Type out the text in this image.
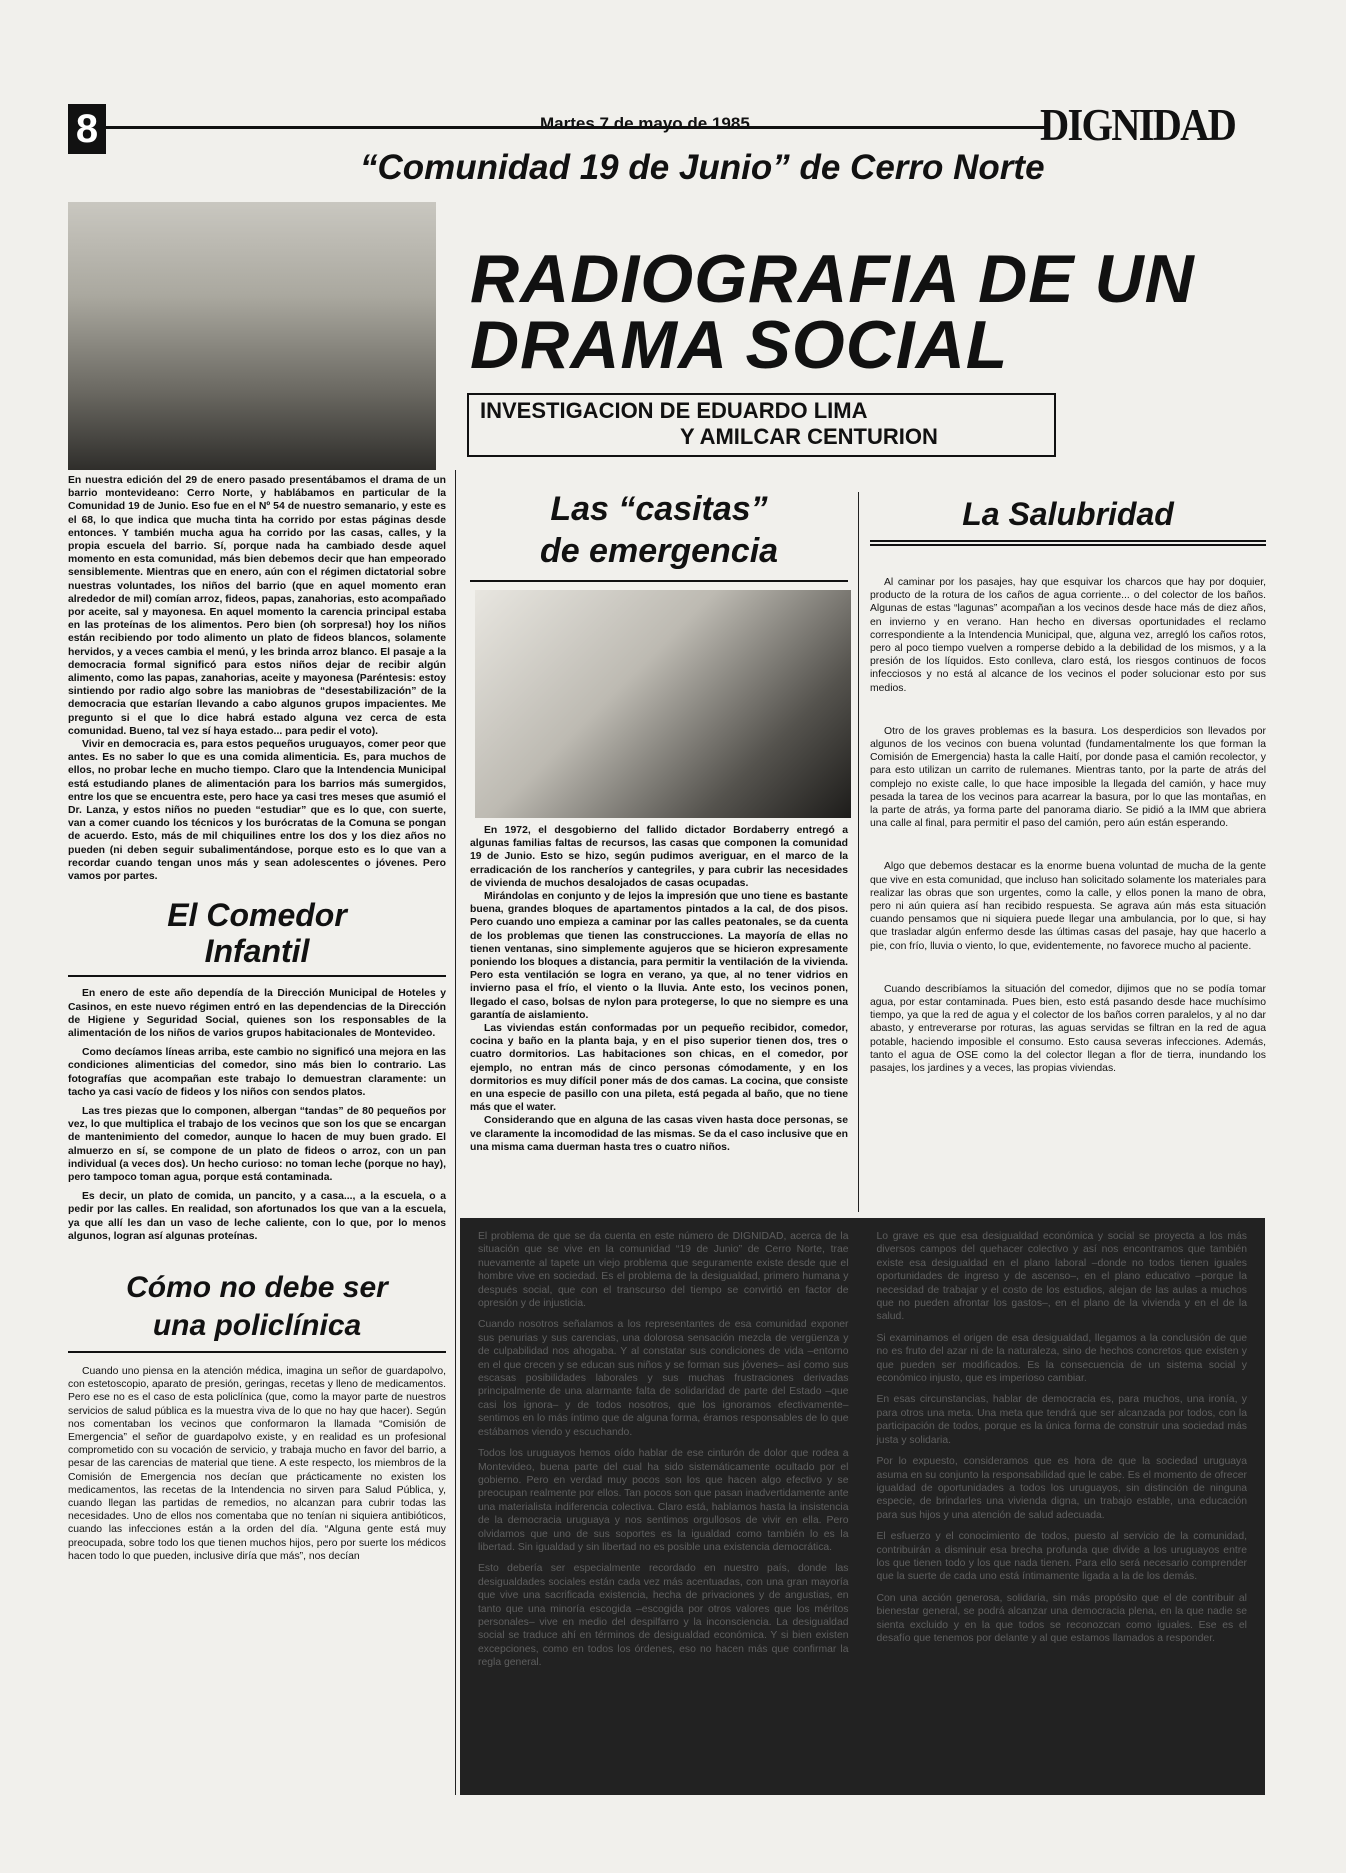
8	Martes 7 de mayo de 1985	DIGNIDAD
“Comunidad 19 de Junio” de Cerro Norte
RADIOGRAFIA DE UN
DRAMA SOCIAL
INVESTIGACION DE EDUARDO LIMA
Y AMILCAR CENTURION

En nuestra edición del 29 de enero pasado presentábamos el drama de un barrio montevideano: Cerro Norte, y hablábamos en particular de la Comunidad 19 de Junio. Eso fue en el Nº 54 de nuestro semanario, y este es el 68, lo que indica que mucha tinta ha corrido por estas páginas desde entonces. Y también mucha agua ha corrido por las casas, calles, y la propia escuela del barrio. Sí, porque nada ha cambiado desde aquel momento en esta comunidad, más bien debemos decir que han empeorado sensiblemente. Mientras que en enero, aún con el régimen dictatorial sobre nuestras voluntades, los niños del barrio (que en aquel momento eran alrededor de mil) comían arroz, fideos, papas, zanahorias, esto acompañado por aceite, sal y mayonesa. En aquel momento la carencia principal estaba en las proteínas de los alimentos. Pero bien (oh sorpresa!) hoy los niños están recibiendo por todo alimento un plato de fideos blancos, solamente hervidos, y a veces cambia el menú, y les brinda arroz blanco. El pasaje a la democracia formal significó para estos niños dejar de recibir algún alimento, como las papas, zanahorias, aceite y mayonesa (Paréntesis: estoy sintiendo por radio algo sobre las maniobras de “desestabilización” de la democracia que estarían llevando a cabo algunos grupos impacientes. Me pregunto si el que lo dice habrá estado alguna vez cerca de esta comunidad. Bueno, tal vez sí haya estado... para pedir el voto).

Vivir en democracia es, para estos pequeños uruguayos, comer peor que antes. Es no saber lo que es una comida alimenticia. Es, para muchos de ellos, no probar leche en mucho tiempo. Claro que la Intendencia Municipal está estudiando planes de alimentación para los barrios más sumergidos, entre los que se encuentra este, pero hace ya casi tres meses que asumió el Dr. Lanza, y estos niños no pueden “estudiar” que es lo que, con suerte, van a comer cuando los técnicos y los burócratas de la Comuna se pongan de acuerdo. Esto, más de mil chiquilines entre los dos y los diez años no pueden (ni deben seguir subalimentándose, porque esto es lo que van a recordar cuando tengan unos más y sean adolescentes o jóvenes. Pero vamos por partes.

El Comedor
Infantil

En enero de este año dependía de la Dirección Municipal de Hoteles y Casinos, en este nuevo régimen entró en las dependencias de la Dirección de Higiene y Seguridad Social, quienes son los responsables de la alimentación de los niños de varios grupos habitacionales de Montevideo.

Como decíamos líneas arriba, este cambio no significó una mejora en las condiciones alimenticias del comedor, sino más bien lo contrario. Las fotografías que acompañan este trabajo lo demuestran claramente: un tacho ya casi vacío de fideos y los niños con sendos platos.

Las tres piezas que lo componen, albergan “tandas” de 80 pequeños por vez, lo que multiplica el trabajo de los vecinos que son los que se encargan de mantenimiento del comedor, aunque lo hacen de muy buen grado. El almuerzo en sí, se compone de un plato de fideos o arroz, con un pan individual (a veces dos). Un hecho curioso: no toman leche (porque no hay), pero tampoco toman agua, porque está contaminada.

Es decir, un plato de comida, un pancito, y a casa..., a la escuela, o a pedir por las calles. En realidad, son afortunados los que van a la escuela, ya que allí les dan un vaso de leche caliente, con lo que, por lo menos algunos, logran así algunas proteínas.

Cómo no debe ser
una policlínica

Cuando uno piensa en la atención médica, imagina un señor de guardapolvo, con estetoscopio, aparato de presión, geringas, recetas y lleno de medicamentos. Pero ese no es el caso de esta policlínica (que, como la mayor parte de nuestros servicios de salud pública es la muestra viva de lo que no hay que hacer). Según nos comentaban los vecinos que conformaron la llamada “Comisión de Emergencia” el señor de guardapolvo existe, y en realidad es un profesional comprometido con su vocación de servicio, y trabaja mucho en favor del barrio, a pesar de las carencias de material que tiene. A este respecto, los miembros de la Comisión de Emergencia nos decían que prácticamente no existen los medicamentos, las recetas de la Intendencia no sirven para Salud Pública, y, cuando llegan las partidas de remedios, no alcanzan para cubrir todas las necesidades. Uno de ellos nos comentaba que no tenían ni siquiera antibióticos, cuando las infecciones están a la orden del día. “Alguna gente está muy preocupada, sobre todo los que tienen muchos hijos, pero por suerte los médicos hacen todo lo que pueden, inclusive diría que más”, nos decían

Las “casitas”
de emergencia

En 1972, el desgobierno del fallido dictador Bordaberry entregó a algunas familias faltas de recursos, las casas que componen la comunidad 19 de Junio. Esto se hizo, según pudimos averiguar, en el marco de la erradicación de los rancheríos y cantegriles, y para cubrir las necesidades de vivienda de muchos desalojados de casas ocupadas.

Mirándolas en conjunto y de lejos la impresión que uno tiene es bastante buena, grandes bloques de apartamentos pintados a la cal, de dos pisos. Pero cuando uno empieza a caminar por las calles peatonales, se da cuenta de los problemas que tienen las construcciones. La mayoría de ellas no tienen ventanas, sino simplemente agujeros que se hicieron expresamente poniendo los bloques a distancia, para permitir la ventilación de la vivienda. Pero esta ventilación se logra en verano, ya que, al no tener vidrios en invierno pasa el frío, el viento o la lluvia. Ante esto, los vecinos ponen, llegado el caso, bolsas de nylon para protegerse, lo que no siempre es una garantía de aislamiento.

Las viviendas están conformadas por un pequeño recibidor, comedor, cocina y baño en la planta baja, y en el piso superior tienen dos, tres o cuatro dormitorios. Las habitaciones son chicas, en el comedor, por ejemplo, no entran más de cinco personas cómodamente, y en los dormitorios es muy difícil poner más de dos camas. La cocina, que consiste en una especie de pasillo con una pileta, está pegada al baño, que no tiene más que el water.

Considerando que en alguna de las casas viven hasta doce personas, se ve claramente la incomodidad de las mismas. Se da el caso inclusive que en una misma cama duerman hasta tres o cuatro niños.

La Salubridad

Al caminar por los pasajes, hay que esquivar los charcos que hay por doquier, producto de la rotura de los caños de agua corriente... o del colector de los baños. Algunas de estas “lagunas” acompañan a los vecinos desde hace más de diez años, en invierno y en verano. Han hecho en diversas oportunidades el reclamo correspondiente a la Intendencia Municipal, que, alguna vez, arregló los caños rotos, pero al poco tiempo vuelven a romperse debido a la debilidad de los mismos, y a la presión de los líquidos. Esto conlleva, claro está, los riesgos continuos de focos infecciosos y no está al alcance de los vecinos el poder solucionar esto por sus medios.

Otro de los graves problemas es la basura. Los desperdicios son llevados por algunos de los vecinos con buena voluntad (fundamentalmente los que forman la Comisión de Emergencia) hasta la calle Haití, por donde pasa el camión recolector, y para esto utilizan un carrito de rulemanes. Mientras tanto, por la parte de atrás del complejo no existe calle, lo que hace imposible la llegada del camión, y hace muy pesada la tarea de los vecinos para acarrear la basura, por lo que las montañas, en la parte de atrás, ya forma parte del panorama diario. Se pidió a la IMM que abriera una calle al final, para permitir el paso del camión, pero aún están esperando.

Algo que debemos destacar es la enorme buena voluntad de mucha de la gente que vive en esta comunidad, que incluso han solicitado solamente los materiales para realizar las obras que son urgentes, como la calle, y ellos ponen la mano de obra, pero ni aún quiera así han recibido respuesta. Se agrava aún más esta situación cuando pensamos que ni siquiera puede llegar una ambulancia, por lo que, si hay que trasladar algún enfermo desde las últimas casas del pasaje, hay que hacerlo a pie, con frío, lluvia o viento, lo que, evidentemente, no favorece mucho al paciente.

Cuando describíamos la situación del comedor, dijimos que no se podía tomar agua, por estar contaminada. Pues bien, esto está pasando desde hace muchísimo tiempo, ya que la red de agua y el colector de los baños corren paralelos, y al no dar abasto, y entreverarse por roturas, las aguas servidas se filtran en la red de agua potable, haciendo imposible el consumo. Esto causa severas infecciones. Además, tanto el agua de OSE como la del colector llegan a flor de tierra, inundando los pasajes, los jardines y a veces, las propias viviendas.

El problema de que se da cuenta en este número de DIGNIDAD, acerca de la situación que se vive en la comunidad “19 de Junio” de Cerro Norte, trae nuevamente al tapete un viejo problema que seguramente existe desde que el hombre vive en sociedad. Es el problema de la desigualdad, primero humana y después social, que con el transcurso del tiempo se convirtió en factor de opresión y de injusticia.

Cuando nosotros señalamos a los representantes de esa comunidad exponer sus penurias y sus carencias, una dolorosa sensación mezcla de vergüenza y de culpabilidad nos ahogaba. Y al constatar sus condiciones de vida –entorno en el que crecen y se educan sus niños y se forman sus jóvenes– así como sus escasas posibilidades laborales y sus muchas frustraciones derivadas principalmente de una alarmante falta de solidaridad de parte del Estado –que casi los ignora– y de todos nosotros, que los ignoramos efectivamente– sentimos en lo más íntimo que de alguna forma, éramos responsables de lo que estábamos viendo y escuchando.

Todos los uruguayos hemos oído hablar de ese cinturón de dolor que rodea a Montevideo, buena parte del cual ha sido sistemáticamente ocultado por el gobierno. Pero en verdad muy pocos son los que hacen algo efectivo y se preocupan realmente por ellos. Tan pocos son que pasan inadvertidamente ante una materialista indiferencia colectiva. Claro está, hablamos hasta la insistencia de la democracia uruguaya y nos sentimos orgullosos de vivir en ella. Pero olvidamos que uno de sus soportes es la igualdad como también lo es la libertad. Sin igualdad y sin libertad no es posible una existencia democrática.

Esto debería ser especialmente recordado en nuestro país, donde las desigualdades sociales están cada vez más acentuadas, con una gran mayoría que vive una sacrificada existencia, hecha de privaciones y de angustias, en tanto que una minoría escogida –escogida por otros valores que los méritos personales– vive en medio del despilfarro y la inconsciencia. La desigualdad social se traduce ahí en términos de desigualdad económica. Y si bien existen excepciones, como en todos los órdenes, eso no hacen más que confirmar la regla general.

Lo grave es que esa desigualdad económica y social se proyecta a los más diversos campos del quehacer colectivo y así nos encontramos que también existe esa desigualdad en el plano laboral –donde no todos tienen iguales oportunidades de ingreso y de ascenso–, en el plano educativo –porque la necesidad de trabajar y el costo de los estudios, alejan de las aulas a muchos que no pueden afrontar los gastos–, en el plano de la vivienda y en el de la salud.

Si examinamos el origen de esa desigualdad, llegamos a la conclusión de que no es fruto del azar ni de la naturaleza, sino de hechos concretos que existen y que pueden ser modificados. Es la consecuencia de un sistema social y económico injusto, que es imperioso cambiar.

En esas circunstancias, hablar de democracia es, para muchos, una ironía, y para otros una meta. Una meta que tendrá que ser alcanzada por todos, con la participación de todos, porque es la única forma de construir una sociedad más justa y solidaria.

Por lo expuesto, consideramos que es hora de que la sociedad uruguaya asuma en su conjunto la responsabilidad que le cabe. Es el momento de ofrecer igualdad de oportunidades a todos los uruguayos, sin distinción de ninguna especie, de brindarles una vivienda digna, un trabajo estable, una educación para sus hijos y una atención de salud adecuada.

El esfuerzo y el conocimiento de todos, puesto al servicio de la comunidad, contribuirán a disminuir esa brecha profunda que divide a los uruguayos entre los que tienen todo y los que nada tienen. Para ello será necesario comprender que la suerte de cada uno está íntimamente ligada a la de los demás.

Con una acción generosa, solidaria, sin más propósito que el de contribuir al bienestar general, se podrá alcanzar una democracia plena, en la que nadie se sienta excluido y en la que todos se reconozcan como iguales. Ese es el desafío que tenemos por delante y al que estamos llamados a responder.
